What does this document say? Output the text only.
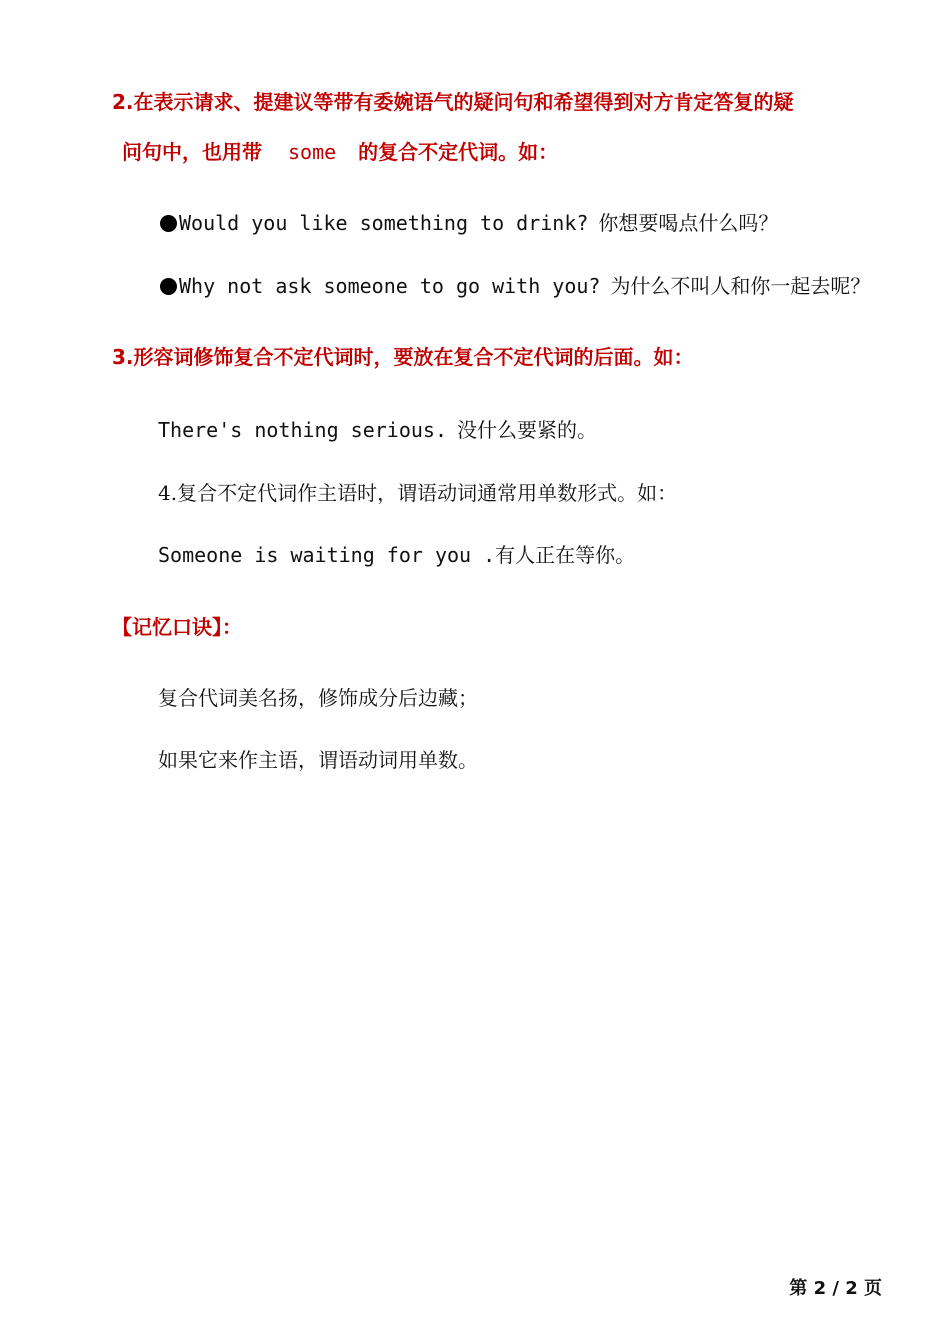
2.在表示请求、提建议等带有委婉语气的疑问句和希望得到对方肯定答复的疑
问句中，也用带 some 的复合不定代词。如：
Would you like something to drink? 你想要喝点什么吗？
Why not ask someone to go with you? 为什么不叫人和你一起去呢？
3.形容词修饰复合不定代词时，要放在复合不定代词的后面。如：
There's nothing serious. 没什么要紧的。
4.复合不定代词作主语时，谓语动词通常用单数形式。如：
Someone is waiting for you .有人正在等你。
【记忆口诀】：
复合代词美名扬，修饰成分后边藏；
如果它来作主语，谓语动词用单数。
第 2 / 2 页
